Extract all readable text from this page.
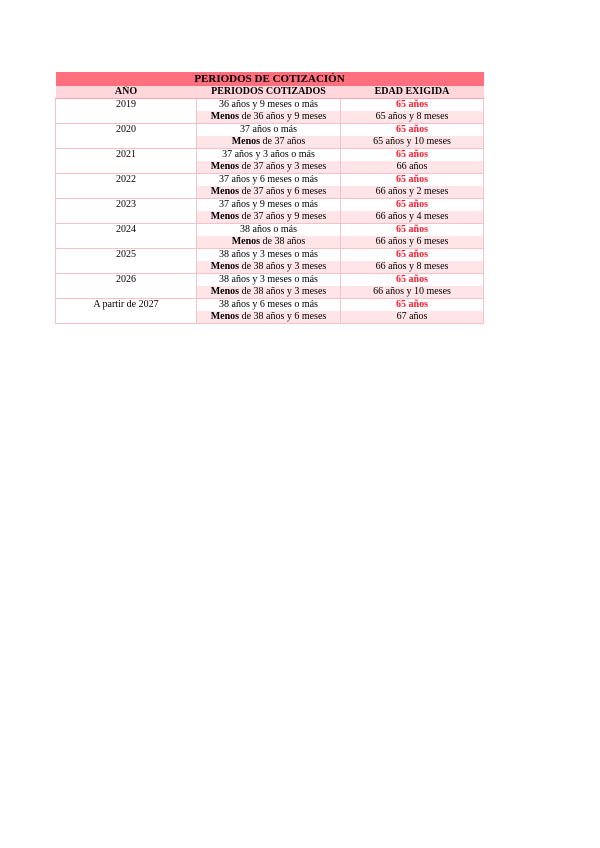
PERIODOS DE COTIZACIÓN		
AÑO	PERIODOS COTIZADOS	EDAD EXIGIDA
2019	36 años y 9 meses o más	65 años
	Menos de 36 años y 9 meses	65 años y 8 meses
2020	37 años o más	65 años
	Menos de 37 años	65 años y 10 meses
2021	37 años y 3 años o más	65 años
	Menos de 37 años y 3 meses	66 años
2022	37 años y 6 meses o más	65 años
	Menos de 37 años y 6 meses	66 años y 2 meses
2023	37 años y 9 meses o más	65 años
	Menos de 37 años y 9 meses	66 años y 4 meses
2024	38 años o más	65 años
	Menos de 38 años	66 años y 6 meses
2025	38 años y 3 meses o más	65 años
	Menos de 38 años y 3 meses	66 años y 8 meses
2026	38 años y 3 meses o más	65 años
	Menos de 38 años y 3 meses	66 años y 10 meses
A partir de 2027	38 años y 6 meses o más	65 años
	Menos de 38 años y 6 meses	67 años
